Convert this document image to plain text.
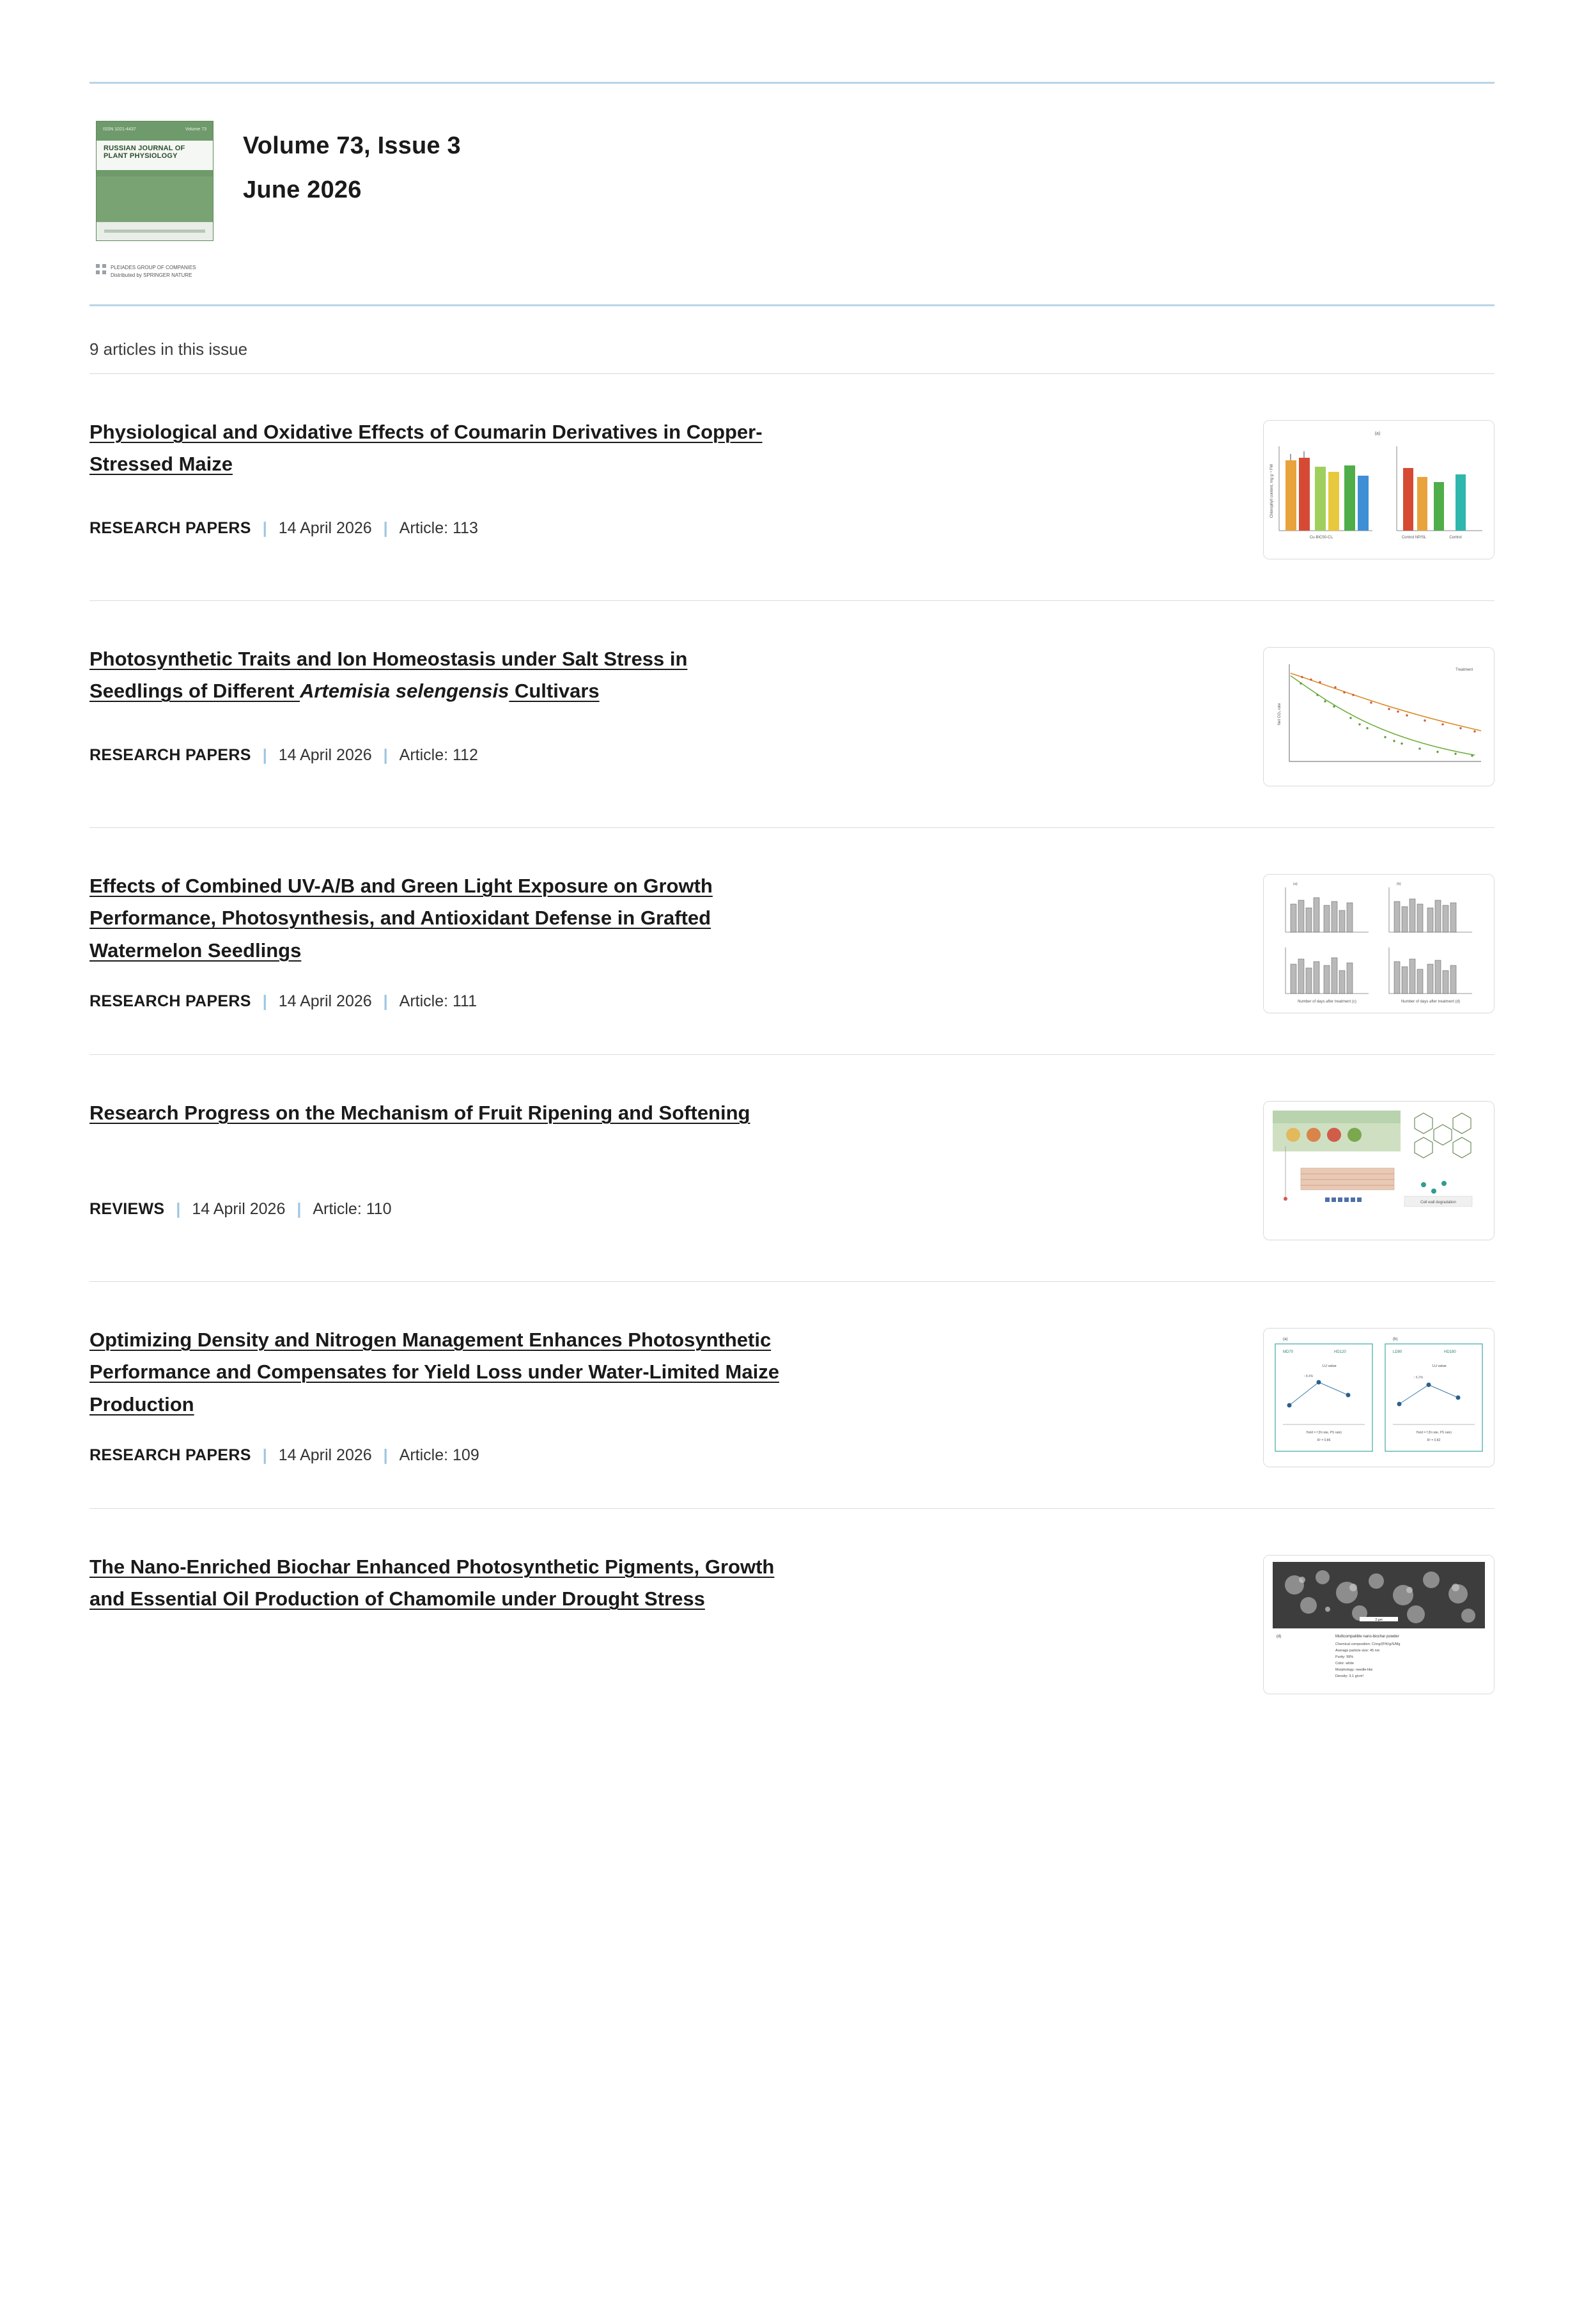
ISSN 1021-4437	Volume 73
RUSSIAN JOURNAL OF PLANT PHYSIOLOGY
PLEIADES GROUP OF COMPANIES
Distributed by SPRINGER NATURE
Volume 73, Issue 3
June 2026
9 articles in this issue
Physiological and Oxidative Effects of Coumarin Derivatives in Copper-
Stressed Maize
RESEARCH PAPERS | 14 April 2026 | Article: 113
(a)
Cu-BIC50-Cl₂	Control NP/SL	Control
Chlorophyll content, mg g⁻¹ FW
Photosynthetic Traits and Ion Homeostasis under Salt Stress in
Seedlings of Different Artemisia selengensis Cultivars
RESEARCH PAPERS | 14 April 2026 | Article: 112
Treatment
Net CO₂ rate
Effects of Combined UV-A/B and Green Light Exposure on Growth
Performance, Photosynthesis, and Antioxidant Defense in Grafted
Watermelon Seedlings
RESEARCH PAPERS | 14 April 2026 | Article: 111	Number of days after treatment (c)	Number of days after treatment (d)
(a)	(b)
Research Progress on the Mechanism of Fruit Ripening and Softening
REVIEWS | 14 April 2026 | Article: 110	Cell wall degradation
Optimizing Density and Nitrogen Management Enhances Photosynthetic
Performance and Compensates for Yield Loss under Water-Limited Maize
Production
RESEARCH PAPERS | 14 April 2026 | Article: 109
(a)	(b)
MD70	HD120	LD90	HD180
LU value	LU value
↑ 8.4%	↑ 6.2%
Yield = f (N rate, PS rate)	Yield = f (N rate, PS rate)
R² = 0.86	R² = 0.82
The Nano-Enriched Biochar Enhanced Photosynthetic Pigments, Growth
and Essential Oil Production of Chamomile under Drought Stress
2 µm
(d)	Multicompatible nano-biochar powder
Chemical composition: C/org/(P/K/g/S/Mg
Average particle size: 45 nm
Purity: 99%
Color: white
Morphology: needle-like
Density: 3.1 g/cm³
